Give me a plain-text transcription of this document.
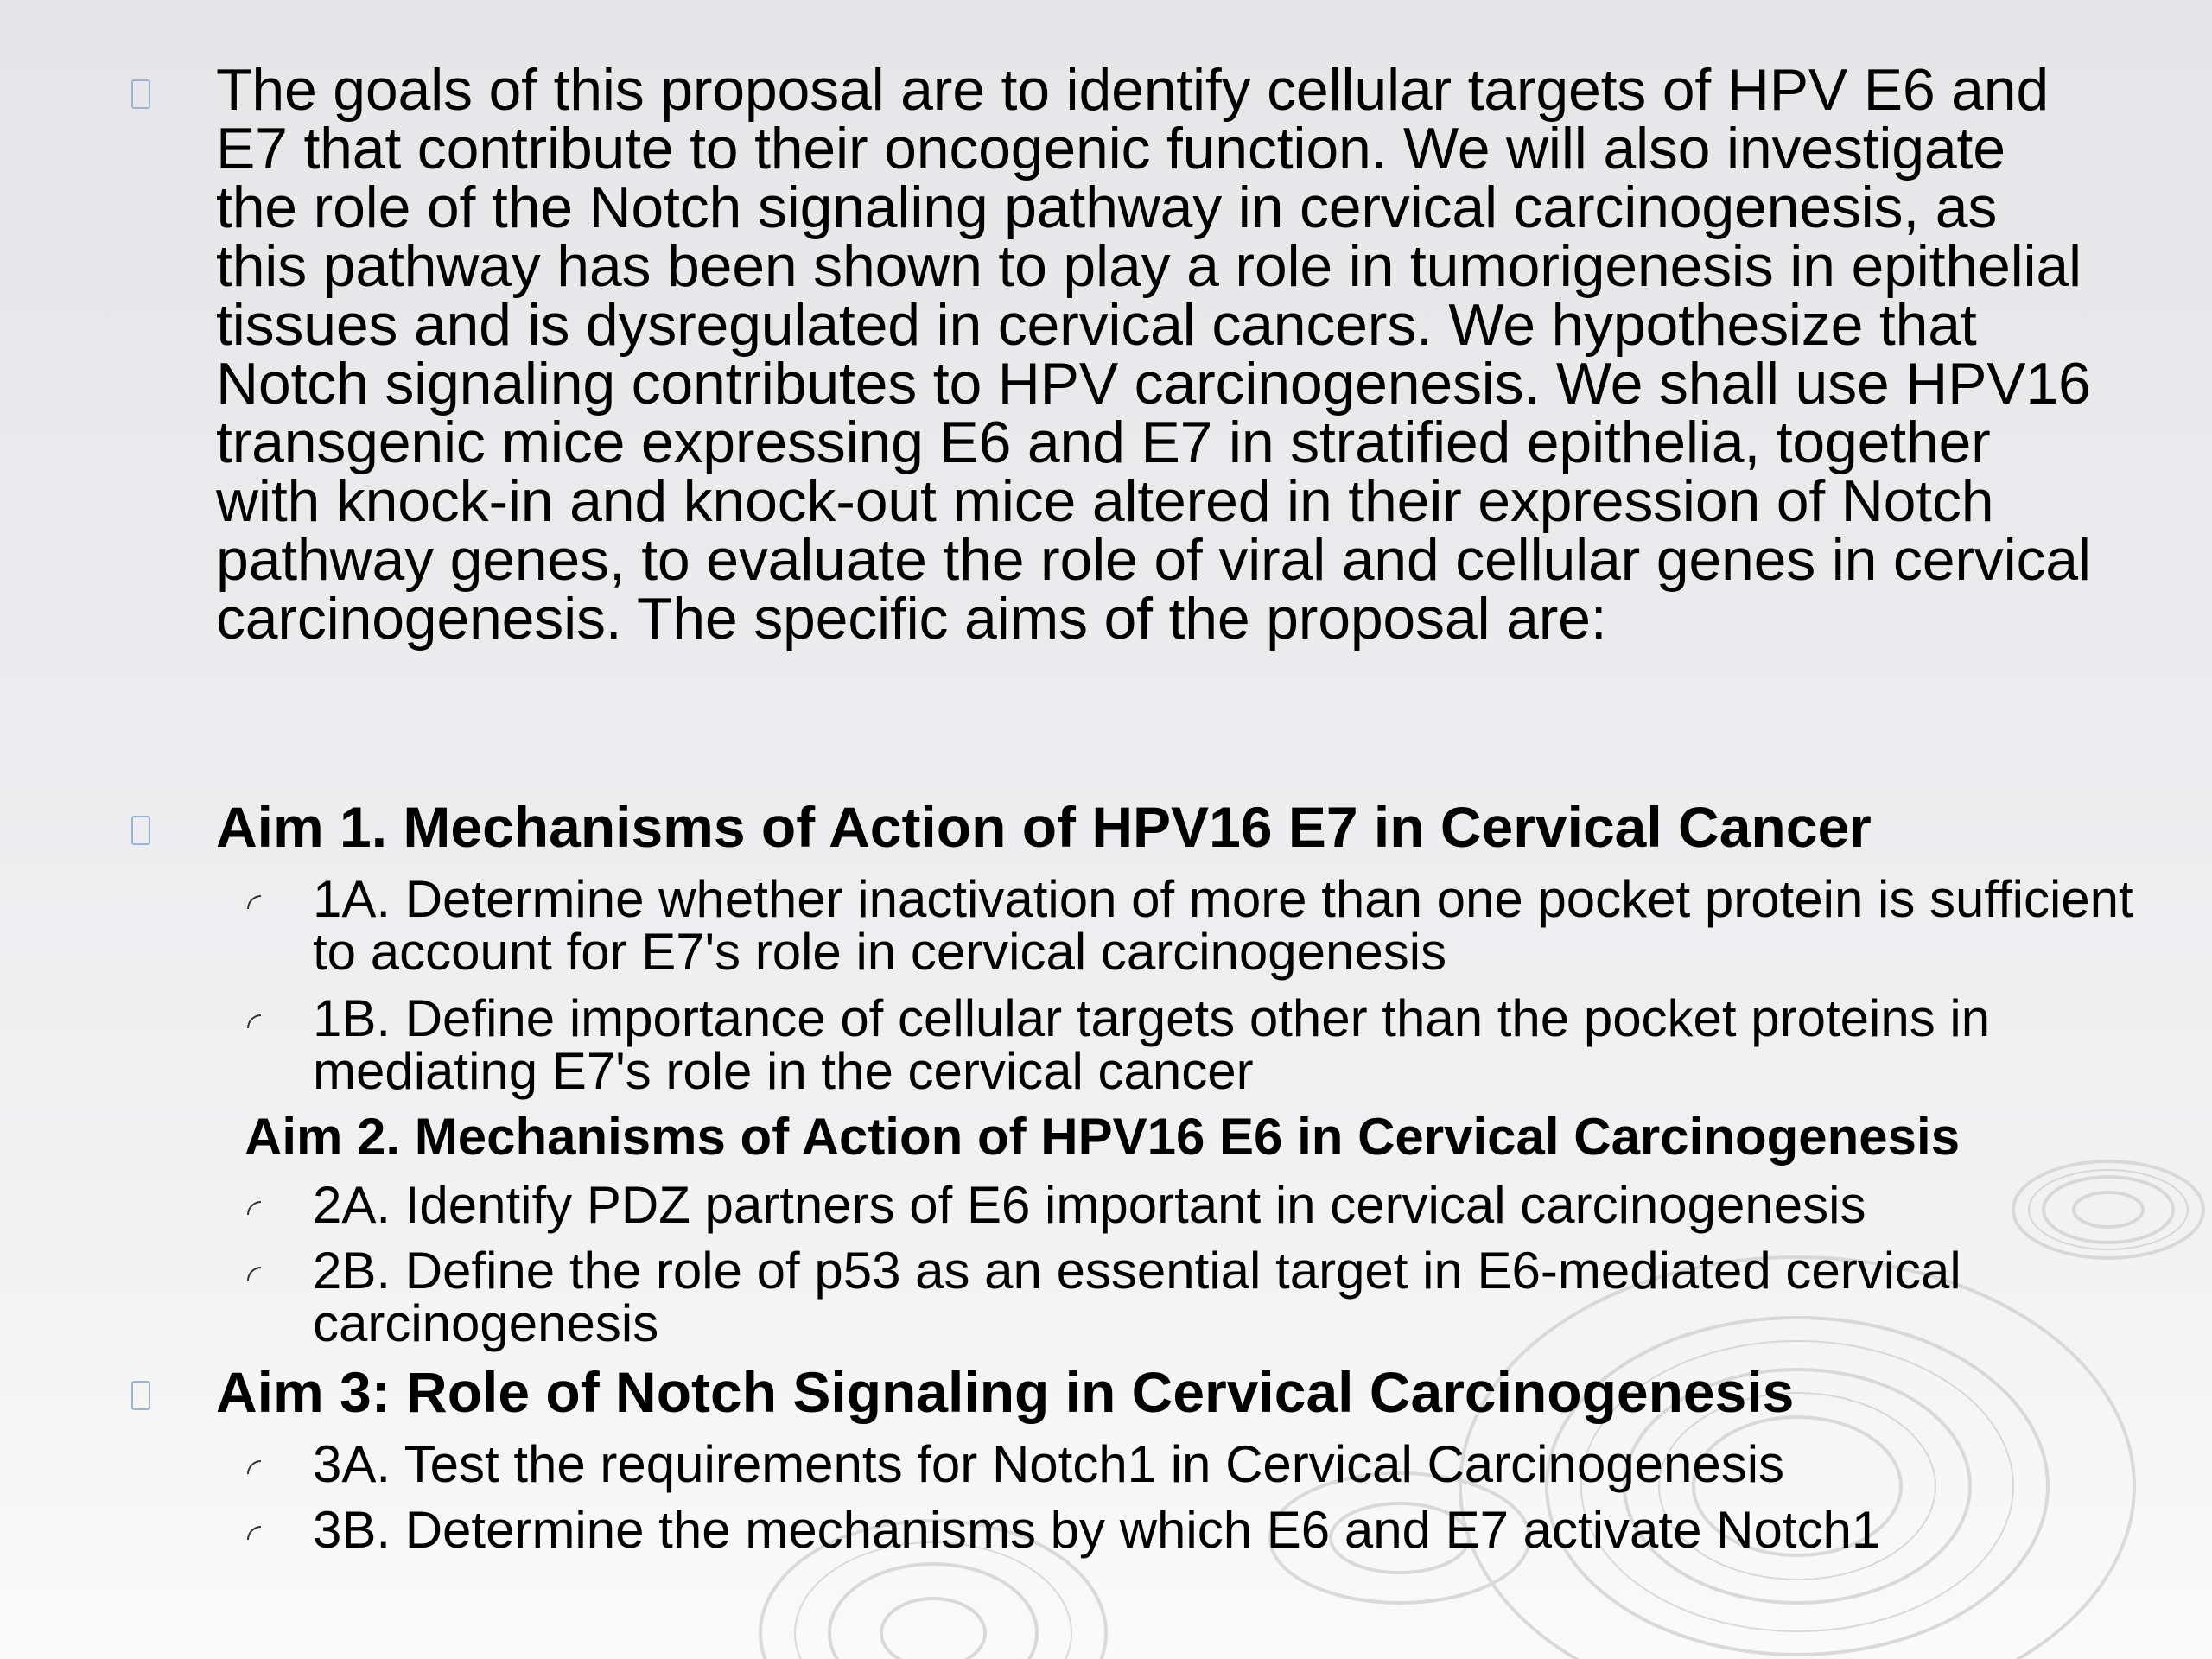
The goals of this proposal are to identify cellular targets of HPV E6 and E7 that contribute to their oncogenic function. We will also investigate the role of the Notch signaling pathway in cervical carcinogenesis, as this pathway has been shown to play a role in tumorigenesis in epithelial tissues and is dysregulated in cervical cancers. We hypothesize that Notch signaling contributes to HPV carcinogenesis. We shall use HPV16 transgenic mice expressing E6 and E7 in stratified epithelia, together with knock-in and knock-out mice altered in their expression of Notch pathway genes, to evaluate the role of viral and cellular genes in cervical carcinogenesis. The specific aims of the proposal are:

Aim 1. Mechanisms of Action of HPV16 E7 in Cervical Cancer

1A. Determine whether inactivation of more than one pocket protein is sufficient to account for E7's role in cervical carcinogenesis

1B. Define importance of cellular targets other than the pocket proteins in mediating E7's role in the cervical cancer

Aim 2. Mechanisms of Action of HPV16 E6 in Cervical Carcinogenesis

2A. Identify PDZ partners of E6 important in cervical carcinogenesis

2B. Define the role of p53 as an essential target in E6-mediated cervical carcinogenesis

Aim 3: Role of Notch Signaling in Cervical Carcinogenesis

3A. Test the requirements for Notch1 in Cervical Carcinogenesis

3B. Determine the mechanisms by which E6 and E7 activate Notch1
